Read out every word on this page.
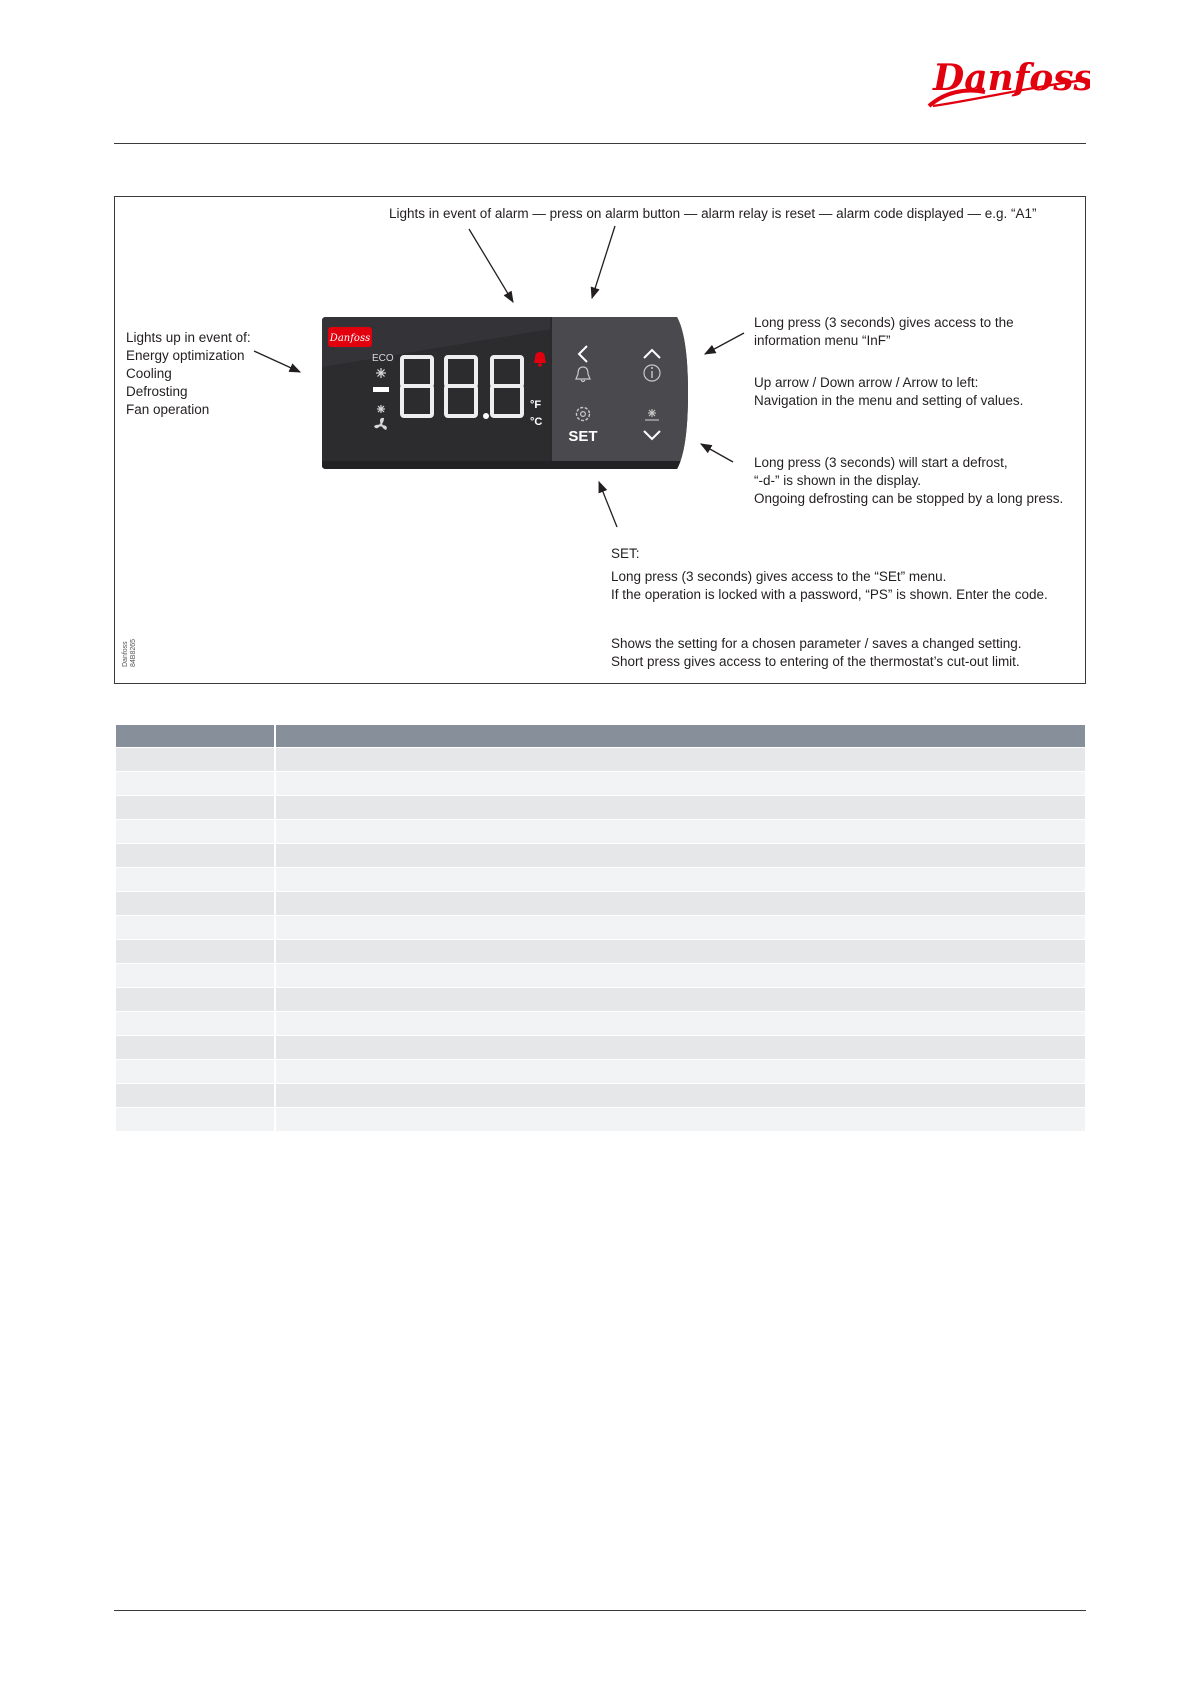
Danfoss
Lights in event of alarm — press on alarm button — alarm relay is reset — alarm code displayed — e.g. “A1”
Lights up in event of:
Energy optimization
Cooling
Defrosting
Fan operation
Long press (3 seconds) gives access to the
information menu “InF”
Up arrow / Down arrow / Arrow to left:
Navigation in the menu and setting of values.
Long press (3 seconds) will start a defrost,
“-d-” is shown in the display.
Ongoing defrosting can be stopped by a long press.
SET:
Long press (3 seconds) gives access to the “SEt” menu.
If the operation is locked with a password, “PS” is shown. Enter the code.
Shows the setting for a chosen parameter / saves a changed setting.
Short press gives access to entering of the thermostat’s cut-out limit.
Danfoss 84B8265
Danfoss
ECO
°F
°C
SET
